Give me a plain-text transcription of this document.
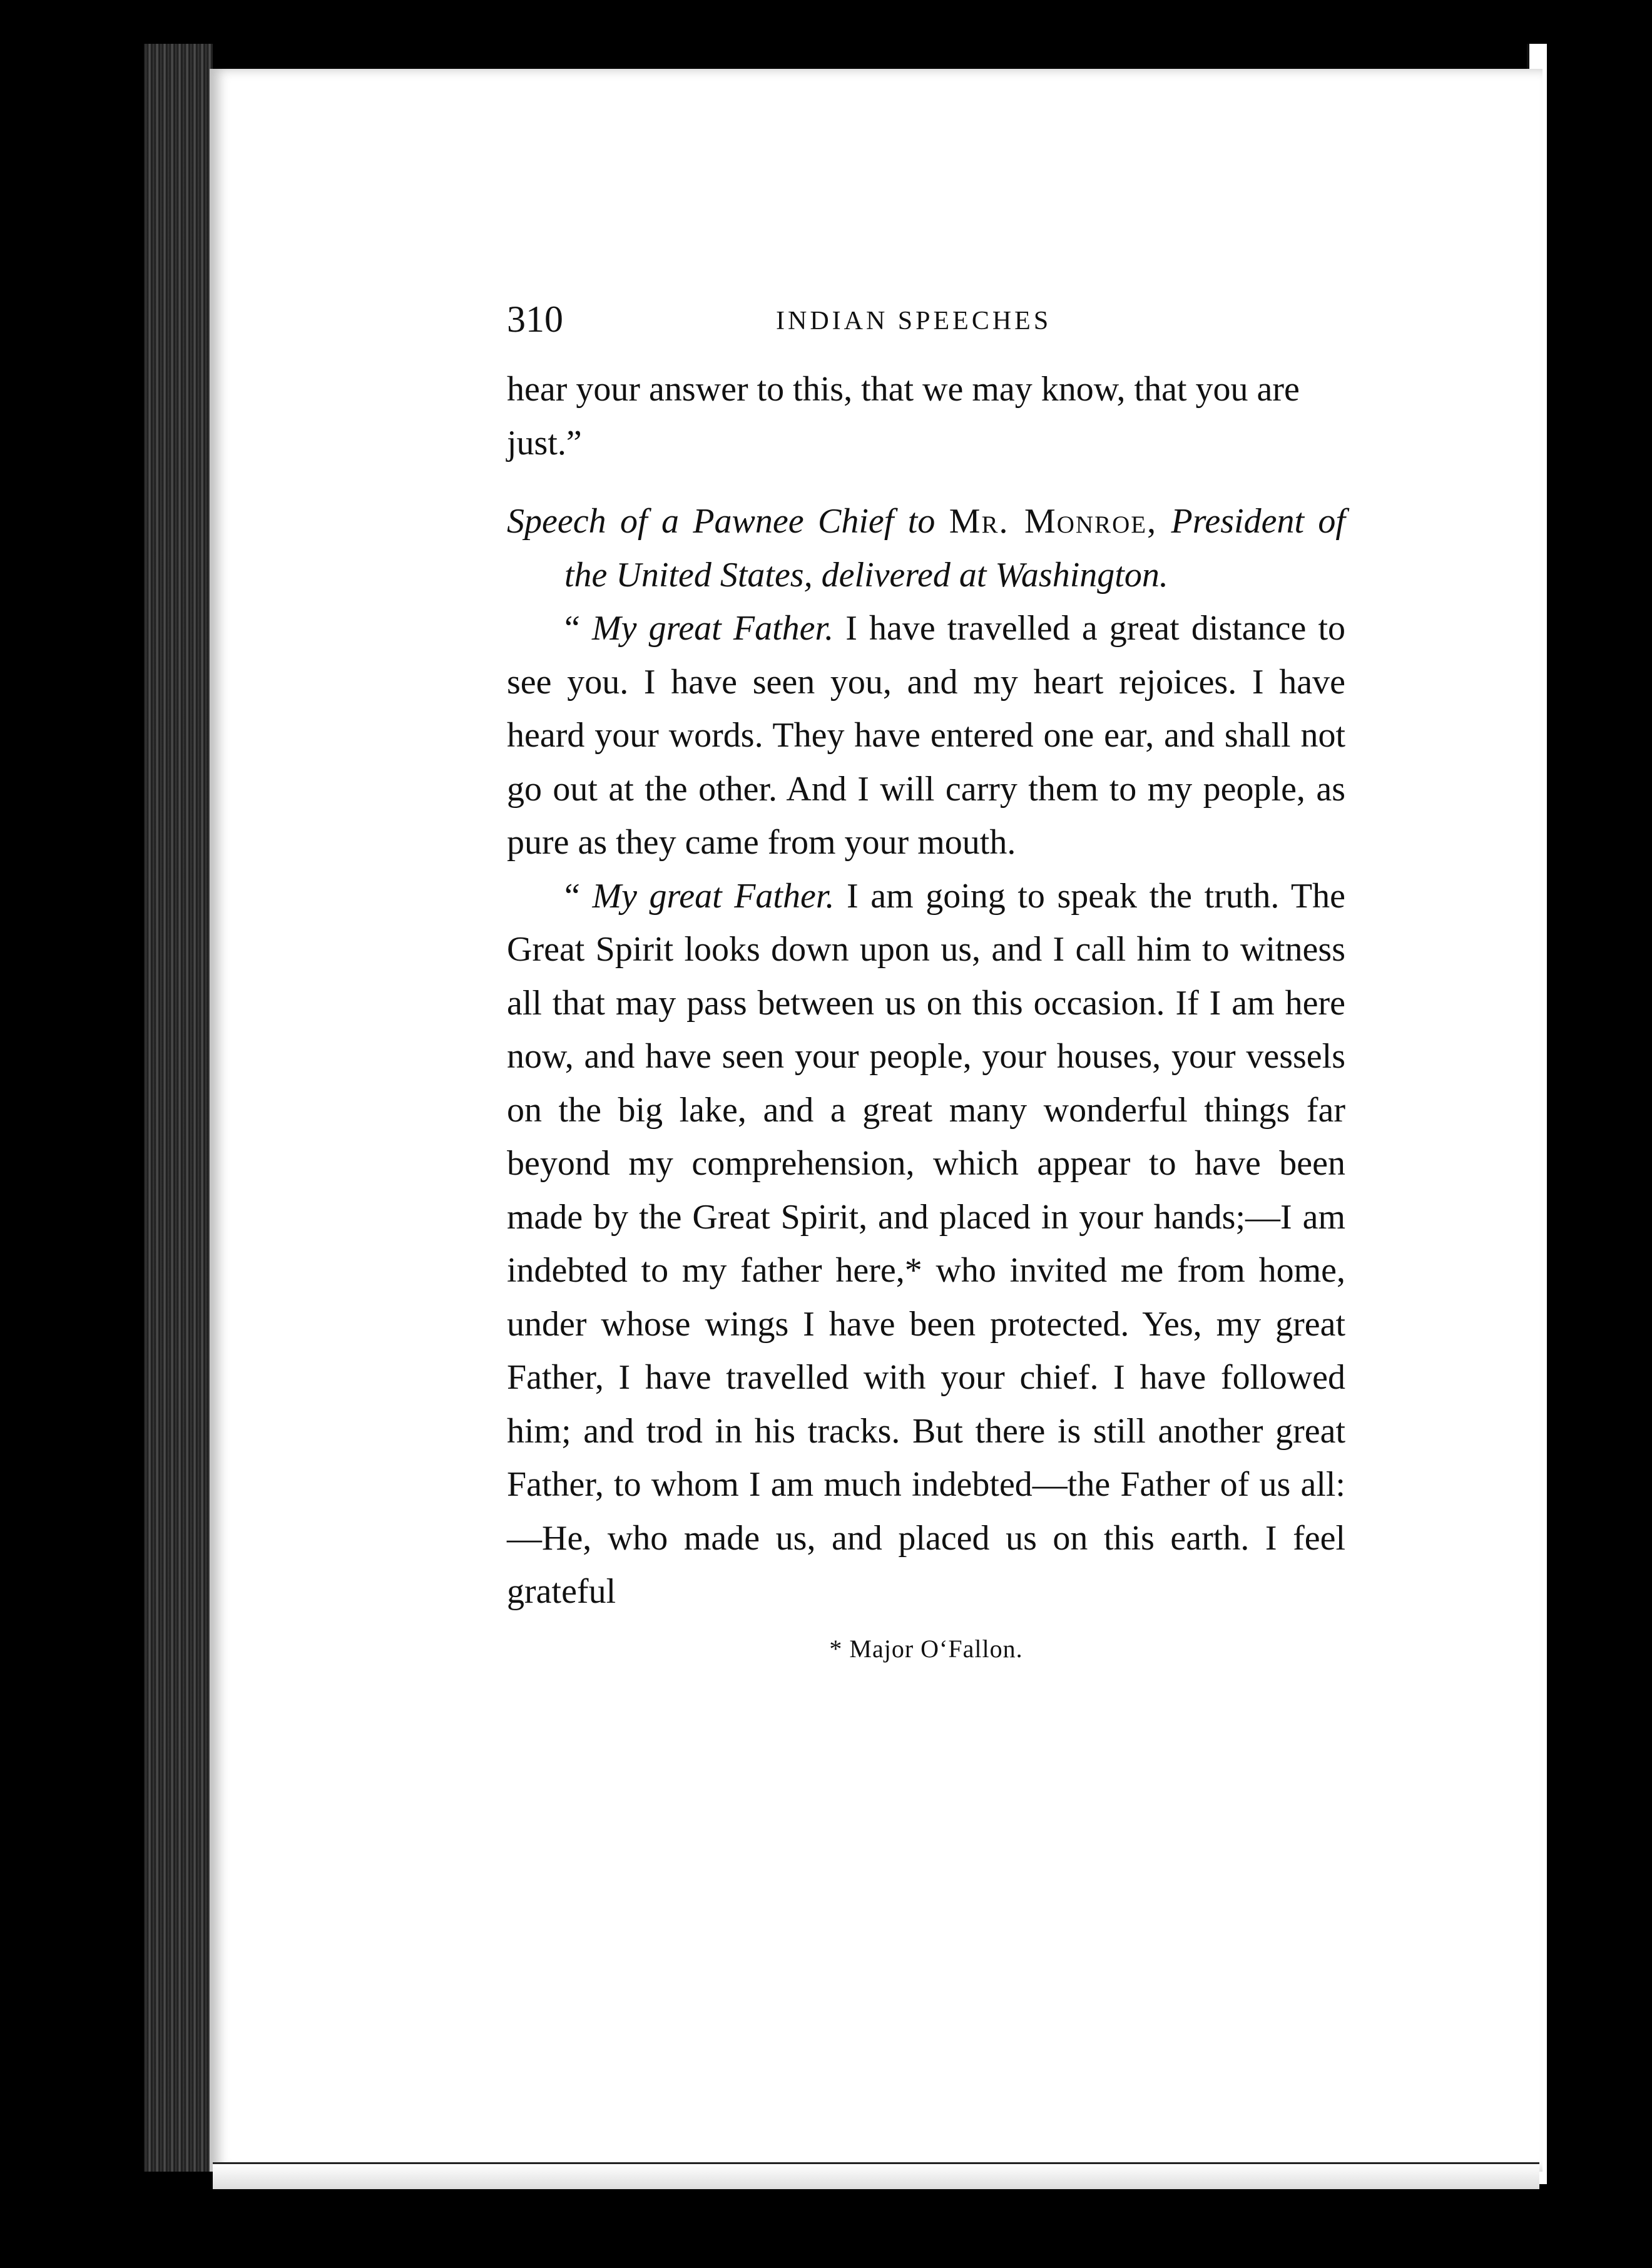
310	INDIAN SPEECHES

hear your answer to this, that we may know, that you are just.”

Speech of a Pawnee Chief to Mr. Monroe, President of the United States, delivered at Washington.

“ My great Father. I have travelled a great distance to see you. I have seen you, and my heart rejoices. I have heard your words. They have entered one ear, and shall not go out at the other. And I will carry them to my people, as pure as they came from your mouth.

“ My great Father. I am going to speak the truth. The Great Spirit looks down upon us, and I call him to witness all that may pass between us on this occasion. If I am here now, and have seen your people, your houses, your vessels on the big lake, and a great many wonderful things far beyond my comprehension, which appear to have been made by the Great Spirit, and placed in your hands;—I am indebted to my father here,* who invited me from home, under whose wings I have been protected. Yes, my great Father, I have travelled with your chief. I have followed him; and trod in his tracks. But there is still another great Father, to whom I am much indebted—the Father of us all:—He, who made us, and placed us on this earth. I feel grateful

* Major O‘Fallon.
